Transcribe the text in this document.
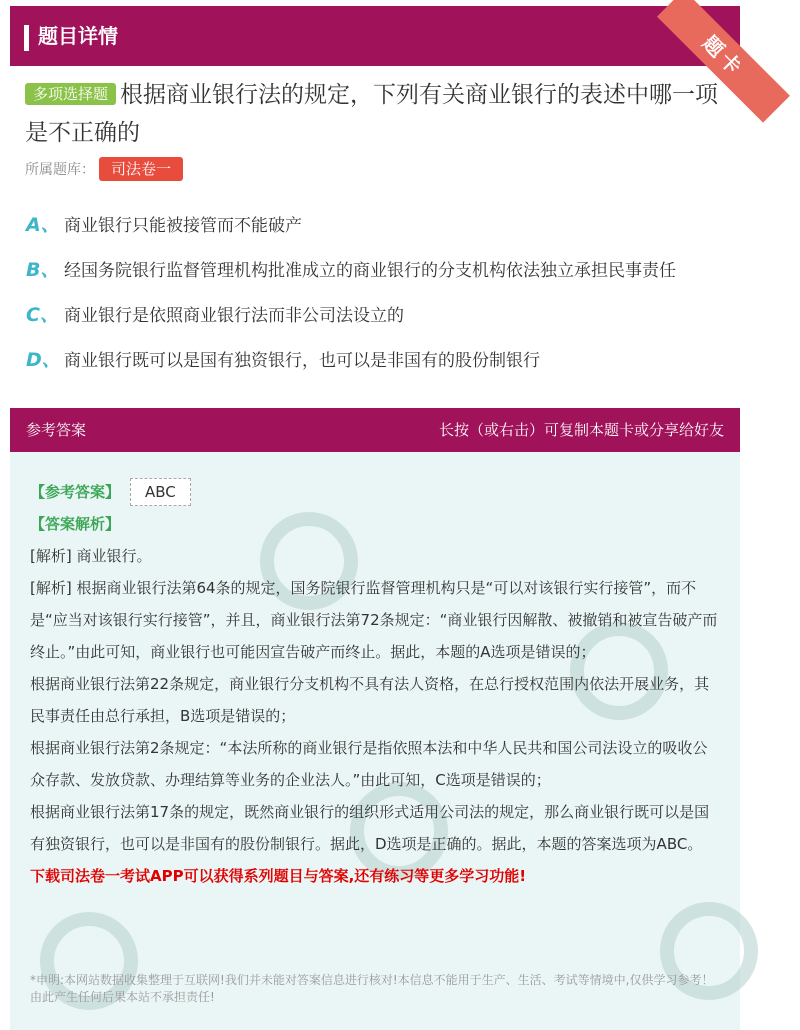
题目详情	题卡
多项选择题 根据商业银行法的规定，下列有关商业银行的表述中哪一项是不正确的
所属题库： 司法卷一
A、 商业银行只能被接管而不能破产
B、 经国务院银行监督管理机构批准成立的商业银行的分支机构依法独立承担民事责任
C、 商业银行是依照商业银行法而非公司法设立的
D、 商业银行既可以是国有独资银行，也可以是非国有的股份制银行
参考答案	长按（或右击）可复制本题卡或分享给好友
【参考答案】 ABC
【答案解析】
[解析] 商业银行。
[解析] 根据商业银行法第64条的规定，国务院银行监督管理机构只是“可以对该银行实行接管”，而不是“应当对该银行实行接管”，并且，商业银行法第72条规定：“商业银行因解散、被撤销和被宣告破产而终止。”由此可知，商业银行也可能因宣告破产而终止。据此，本题的A选项是错误的；
根据商业银行法第22条规定，商业银行分支机构不具有法人资格，在总行授权范围内依法开展业务，其民事责任由总行承担，B选项是错误的；
根据商业银行法第2条规定：“本法所称的商业银行是指依照本法和中华人民共和国公司法设立的吸收公众存款、发放贷款、办理结算等业务的企业法人。”由此可知，C选项是错误的；
根据商业银行法第17条的规定，既然商业银行的组织形式适用公司法的规定，那么商业银行既可以是国有独资银行，也可以是非国有的股份制银行。据此，D选项是正确的。据此，本题的答案选项为ABC。
下载司法卷一考试APP可以获得系列题目与答案,还有练习等更多学习功能!
*申明:本网站数据收集整理于互联网!我们并未能对答案信息进行核对!本信息不能用于生产、生活、考试等情境中,仅供学习参考！由此产生任何后果本站不承担责任!
